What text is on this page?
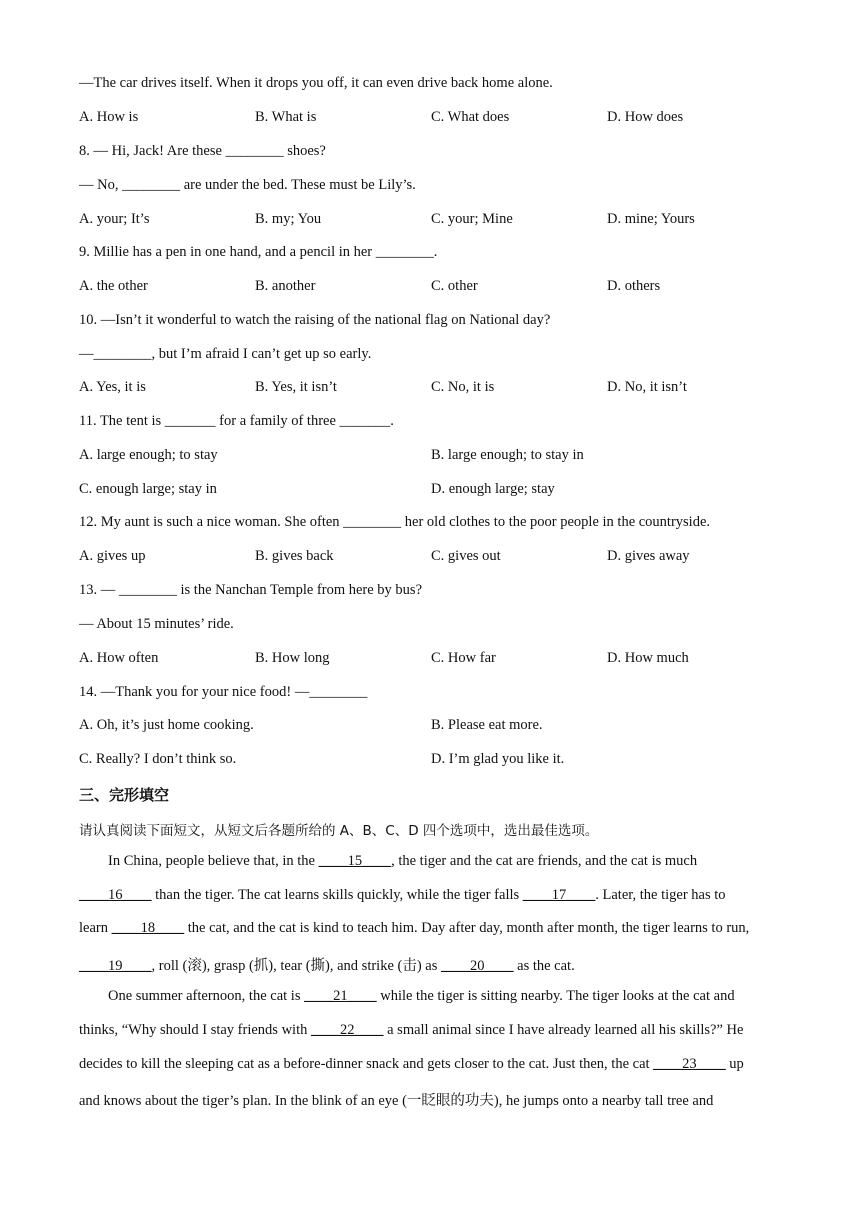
—The car drives itself. When it drops you off, it can even drive back home alone.
A. How is	B. What is	C. What does	D. How does
8. — Hi, Jack! Are these ________ shoes?
— No, ________ are under the bed. These must be Lily’s.
A. your; It’s	B. my; You	C. your; Mine	D. mine; Yours
9. Millie has a pen in one hand, and a pencil in her ________.
A. the other	B. another	C. other	D. others
10. —Isn’t it wonderful to watch the raising of the national flag on National day?
—________, but I’m afraid I can’t get up so early.
A. Yes, it is	B. Yes, it isn’t	C. No, it is	D. No, it isn’t
11. The tent is _______ for a family of three _______.
A. large enough; to stay	B. large enough; to stay in
C. enough large; stay in	D. enough large; stay
12. My aunt is such a nice woman. She often ________ her old clothes to the poor people in the countryside.
A. gives up	B. gives back	C. gives out	D. gives away
13. — ________ is the Nanchan Temple from here by bus?
— About 15 minutes’ ride.
A. How often	B. How long	C. How far	D. How much
14. —Thank you for your nice food! —________
A. Oh, it’s just home cooking.	B. Please eat more.
C. Really? I don’t think so.	D. I’m glad you like it.
三、完形填空
请认真阅读下面短文，从短文后各题所给的 A、B、C、D 四个选项中，选出最佳选项。
In China, people believe that, in the ____15____, the tiger and the cat are friends, and the cat is much
____16____ than the tiger. The cat learns skills quickly, while the tiger falls ____17____. Later, the tiger has to
learn ____18____ the cat, and the cat is kind to teach him. Day after day, month after month, the tiger learns to run,
____19____, roll (滚), grasp (抓), tear (撕), and strike (击) as ____20____ as the cat.
One summer afternoon, the cat is ____21____ while the tiger is sitting nearby. The tiger looks at the cat and
thinks, “Why should I stay friends with ____22____ a small animal since I have already learned all his skills?” He
decides to kill the sleeping cat as a before-dinner snack and gets closer to the cat. Just then, the cat ____23____ up
and knows about the tiger’s plan. In the blink of an eye (一眨眼的功夫), he jumps onto a nearby tall tree and
